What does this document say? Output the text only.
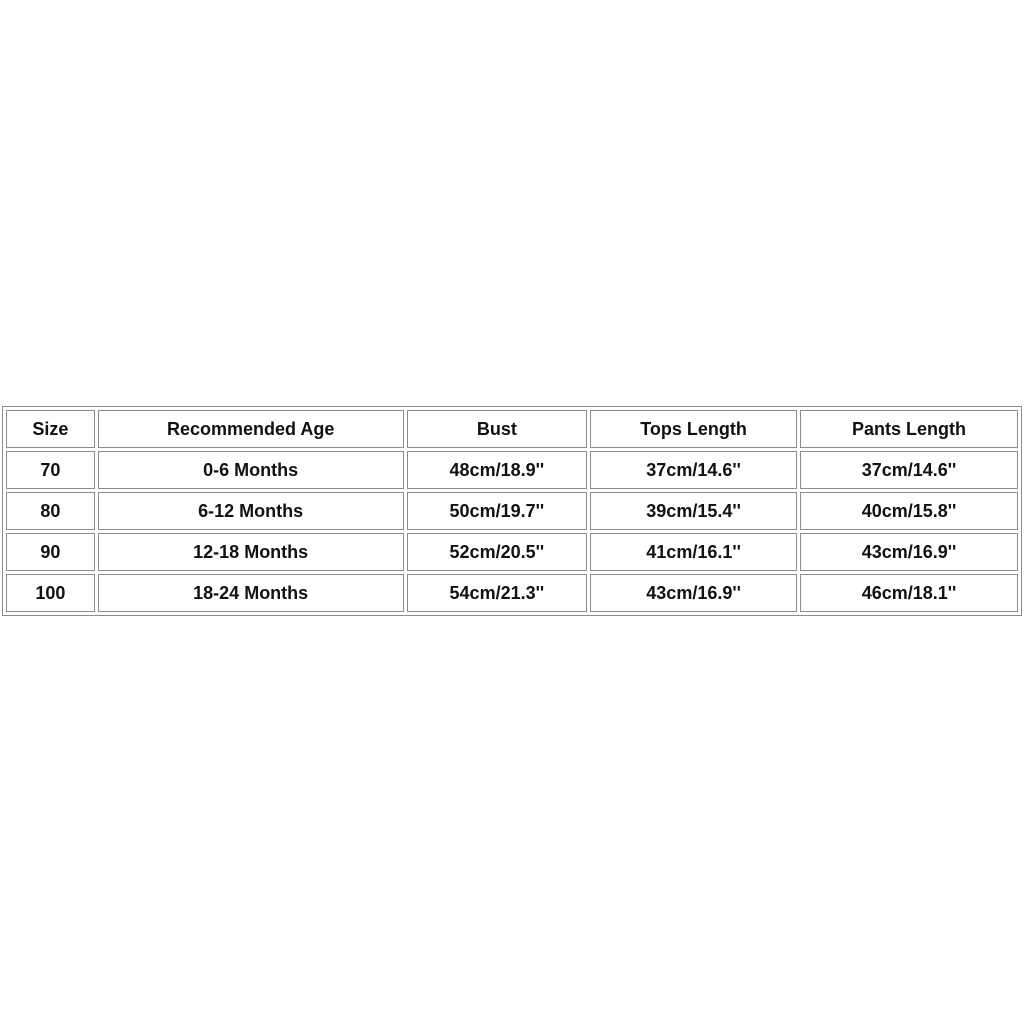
Size	Recommended Age	Bust	Tops Length	Pants Length
70	0-6 Months	48cm/18.9''	37cm/14.6''	37cm/14.6''
80	6-12 Months	50cm/19.7''	39cm/15.4''	40cm/15.8''
90	12-18 Months	52cm/20.5''	41cm/16.1''	43cm/16.9''
100	18-24 Months	54cm/21.3''	43cm/16.9''	46cm/18.1''
